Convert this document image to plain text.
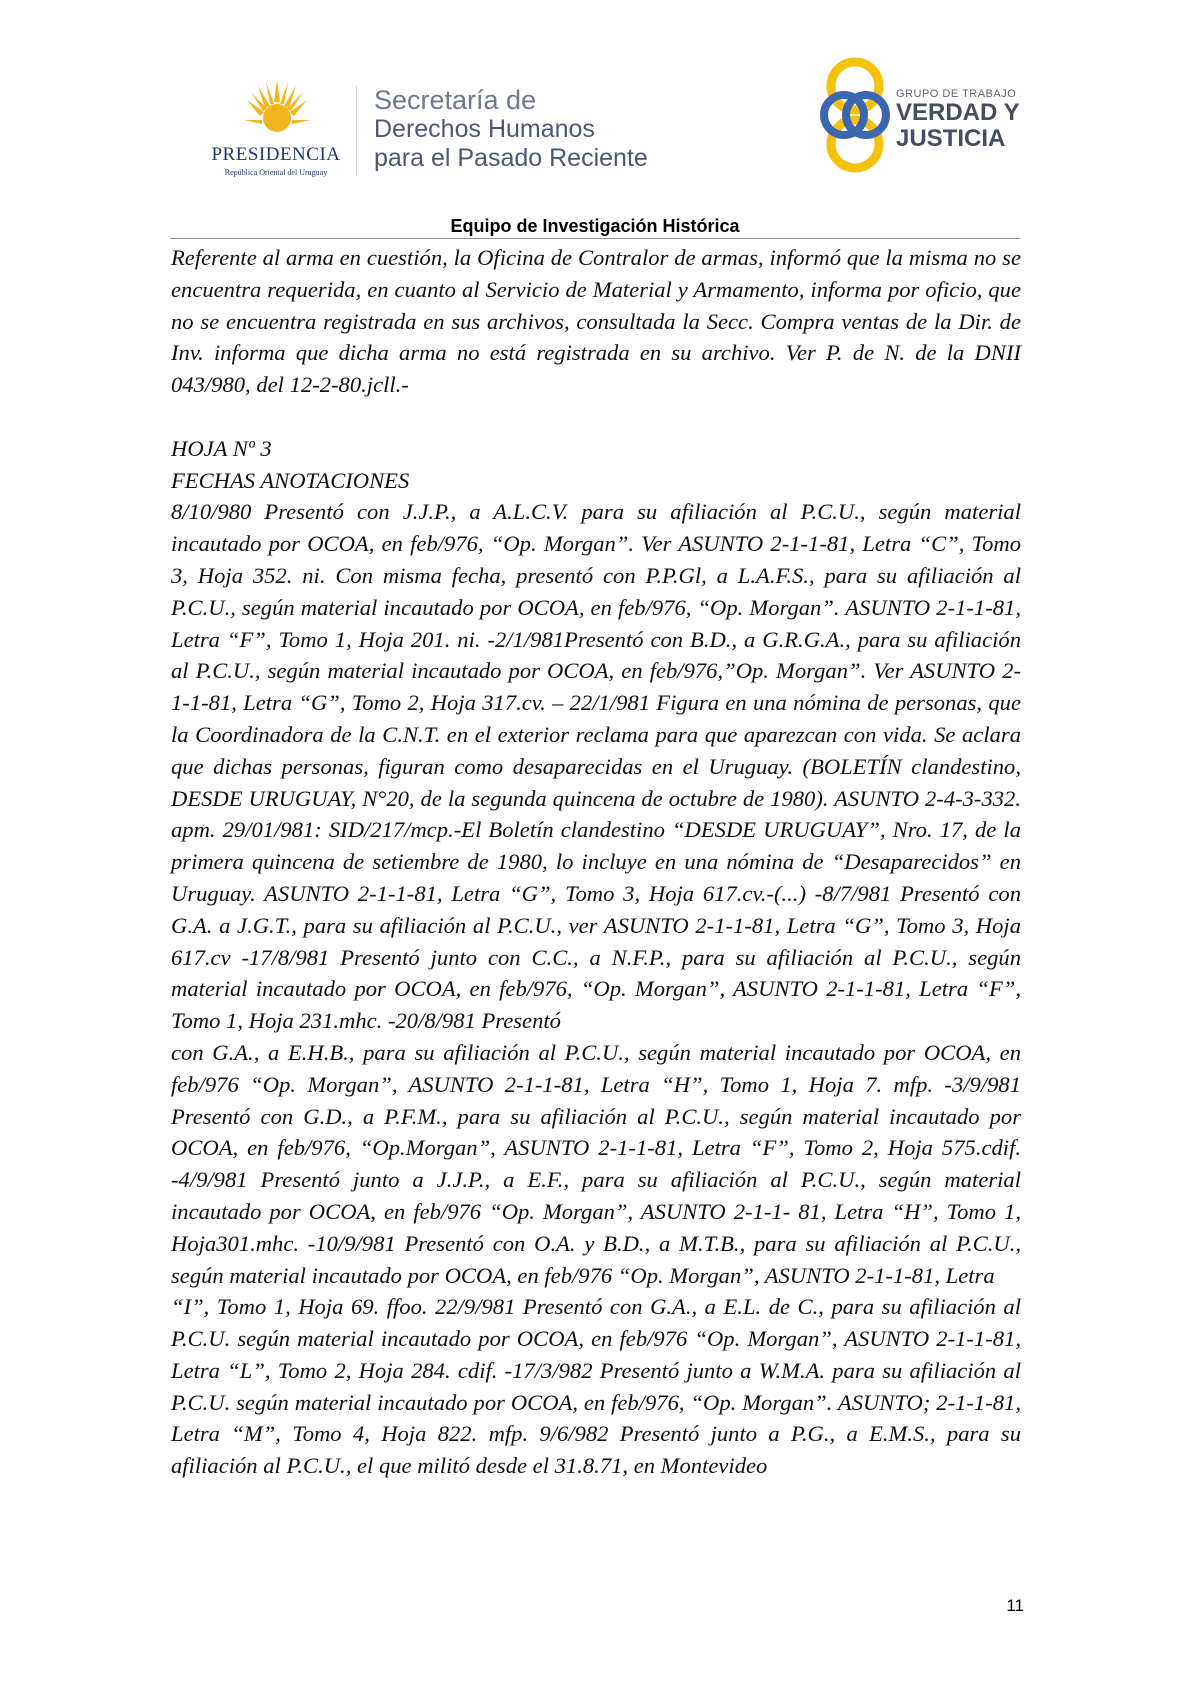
PRESIDENCIA
República Oriental del Uruguay
Secretaría de
Derechos Humanos
para el Pasado Reciente
GRUPO DE TRABAJO
VERDAD Y
JUSTICIA
Equipo de Investigación Histórica

Referente al arma en cuestión, la Oficina de Contralor de armas, informó que la misma no se encuentra requerida, en cuanto al Servicio de Material y Armamento, informa por oficio, que no se encuentra registrada en sus archivos, consultada la Secc. Compra ventas de la Dir. de Inv. informa que dicha arma no está registrada en su archivo. Ver P. de N. de la DNII 043/980, del 12-2-80.jcll.-

HOJA Nº 3

FECHAS ANOTACIONES

8/10/980 Presentó con J.J.P., a A.L.C.V. para su afiliación al P.C.U., según material incautado por OCOA, en feb/976, “Op. Morgan”. Ver ASUNTO 2-1-1-81, Letra “C”, Tomo 3, Hoja 352. ni. Con misma fecha, presentó con P.P.Gl, a L.A.F.S., para su afiliación al P.C.U., según material incautado por OCOA, en feb/976, “Op. Morgan”. ASUNTO 2-1-1-81, Letra “F”, Tomo 1, Hoja 201. ni. -2/1/981Presentó con B.D., a G.R.G.A., para su afiliación al P.C.U., según material incautado por OCOA, en feb/976,”Op. Morgan”. Ver ASUNTO 2-1-1-81, Letra “G”, Tomo 2, Hoja 317.cv. – 22/1/981 Figura en una nómina de personas, que la Coordinadora de la C.N.T. en el exterior reclama para que aparezcan con vida. Se aclara que dichas personas, figuran como desaparecidas en el Uruguay. (BOLETÍN clandestino, DESDE URUGUAY, N°20, de la segunda quincena de octubre de 1980). ASUNTO 2-4-3-332. apm. 29/01/981: SID/217/mcp.-El Boletín clandestino “DESDE URUGUAY”, Nro. 17, de la primera quincena de setiembre de 1980, lo incluye en una nómina de “Desaparecidos” en Uruguay. ASUNTO 2-1-1-81, Letra “G”, Tomo 3, Hoja 617.cv.-(...) -8/7/981 Presentó con G.A. a J.G.T., para su afiliación al P.C.U., ver ASUNTO 2-1-1-81, Letra “G”, Tomo 3, Hoja 617.cv -17/8/981 Presentó junto con C.C., a N.F.P., para su afiliación al P.C.U., según material incautado por OCOA, en feb/976, “Op. Morgan”, ASUNTO 2-1-1-81, Letra “F”, Tomo 1, Hoja 231.mhc. -20/8/981 Presentó

con G.A., a E.H.B., para su afiliación al P.C.U., según material incautado por OCOA, en feb/976 “Op. Morgan”, ASUNTO 2-1-1-81, Letra “H”, Tomo 1, Hoja 7. mfp. -3/9/981 Presentó con G.D., a P.F.M., para su afiliación al P.C.U., según material incautado por OCOA, en feb/976, “Op.Morgan”, ASUNTO 2-1-1-81, Letra “F”, Tomo 2, Hoja 575.cdif. -4/9/981 Presentó junto a J.J.P., a E.F., para su afiliación al P.C.U., según material incautado por OCOA, en feb/976 “Op. Morgan”, ASUNTO 2-1-1- 81, Letra “H”, Tomo 1, Hoja301.mhc. -10/9/981 Presentó con O.A. y B.D., a M.T.B., para su afiliación al P.C.U., según material incautado por OCOA, en feb/976 “Op. Morgan”, ASUNTO 2-1-1-81, Letra

“I”, Tomo 1, Hoja 69. ffoo. 22/9/981 Presentó con G.A., a E.L. de C., para su afiliación al P.C.U. según material incautado por OCOA, en feb/976 “Op. Morgan”, ASUNTO 2-1-1-81, Letra “L”, Tomo 2, Hoja 284. cdif. -17/3/982 Presentó junto a W.M.A. para su afiliación al P.C.U. según material incautado por OCOA, en feb/976, “Op. Morgan”. ASUNTO; 2-1-1-81, Letra “M”, Tomo 4, Hoja 822. mfp. 9/6/982 Presentó junto a P.G., a E.M.S., para su afiliación al P.C.U., el que militó desde el 31.8.71, en Montevideo

11
